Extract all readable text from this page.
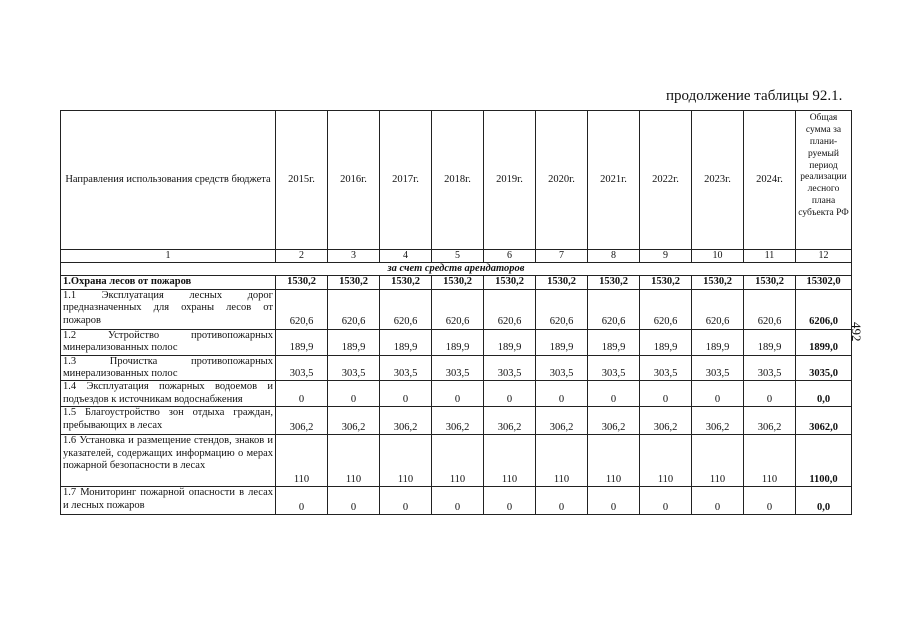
продолжение таблицы 92.1.
492
Направления использования средств бюджета	2015г.	2016г.	2017г.	2018г.	2019г.	2020г.	2021г.	2022г.	2023г.	2024г.	Общая сумма за плани-руемый период реализации лесного плана субъекта РФ
1	2	3	4	5	6	7	8	9	10	11	12
за счет средств арендаторов											
1.Охрана лесов от пожаров	1530,2	1530,2	1530,2	1530,2	1530,2	1530,2	1530,2	1530,2	1530,2	1530,2	15302,0
1.1 Эксплуатация лесных дорог предназначенных для охраны лесов от пожаров	620,6	620,6	620,6	620,6	620,6	620,6	620,6	620,6	620,6	620,6	6206,0
1.2 Устройство противопожарных минерализованных полос	189,9	189,9	189,9	189,9	189,9	189,9	189,9	189,9	189,9	189,9	1899,0
1.3 Прочистка противопожарных минерализованных полос	303,5	303,5	303,5	303,5	303,5	303,5	303,5	303,5	303,5	303,5	3035,0
1.4 Эксплуатация пожарных водоемов и подъездов к источникам водоснабжения	0	0	0	0	0	0	0	0	0	0	0,0
1.5 Благоустройство зон отдыха граждан, пребывающих в лесах	306,2	306,2	306,2	306,2	306,2	306,2	306,2	306,2	306,2	306,2	3062,0
1.6 Установка и размещение стендов, знаков и указателей, содержащих информацию о мерах пожарной безопасности в лесах	110	110	110	110	110	110	110	110	110	110	1100,0
1.7 Мониторинг пожарной опасности в лесах и лесных пожаров	0	0	0	0	0	0	0	0	0	0	0,0
